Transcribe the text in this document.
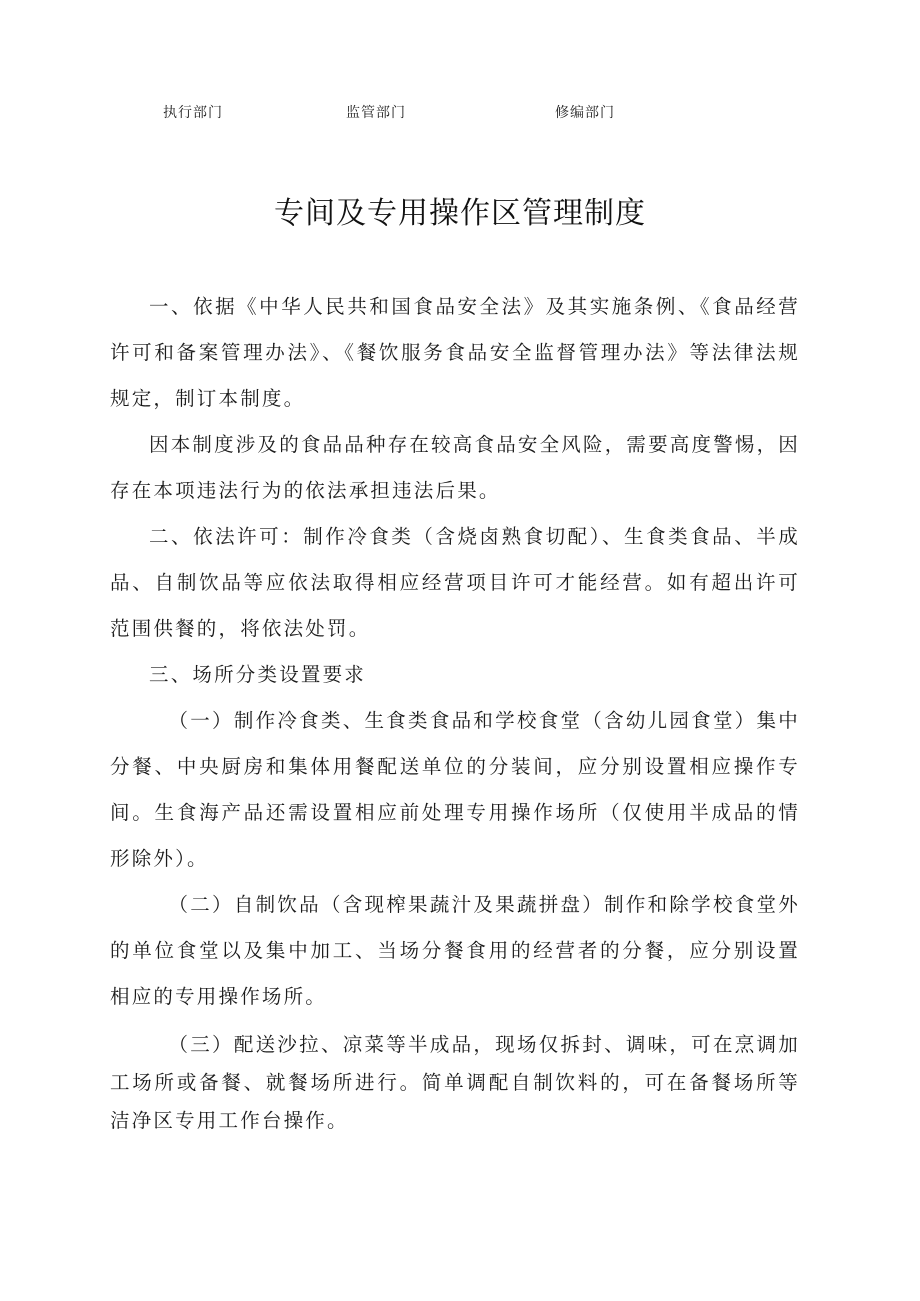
执行部门	监管部门	修编部门
专间及专用操作区管理制度

一、依据《中华人民共和国食品安全法》及其实施条例、《食品经营许可和备案管理办法》、《餐饮服务食品安全监督管理办法》等法律法规规定，制订本制度。

因本制度涉及的食品品种存在较高食品安全风险，需要高度警惕，因存在本项违法行为的依法承担违法后果。

二、依法许可：制作冷食类（含烧卤熟食切配）、生食类食品、半成品、自制饮品等应依法取得相应经营项目许可才能经营。如有超出许可范围供餐的，将依法处罚。

三、场所分类设置要求

（一）制作冷食类、生食类食品和学校食堂（含幼儿园食堂）集中分餐、中央厨房和集体用餐配送单位的分装间，应分别设置相应操作专间。生食海产品还需设置相应前处理专用操作场所（仅使用半成品的情形除外）。

（二）自制饮品（含现榨果蔬汁及果蔬拼盘）制作和除学校食堂外的单位食堂以及集中加工、当场分餐食用的经营者的分餐，应分别设置相应的专用操作场所。

（三）配送沙拉、凉菜等半成品，现场仅拆封、调味，可在烹调加工场所或备餐、就餐场所进行。简单调配自制饮料的，可在备餐场所等洁净区专用工作台操作。
